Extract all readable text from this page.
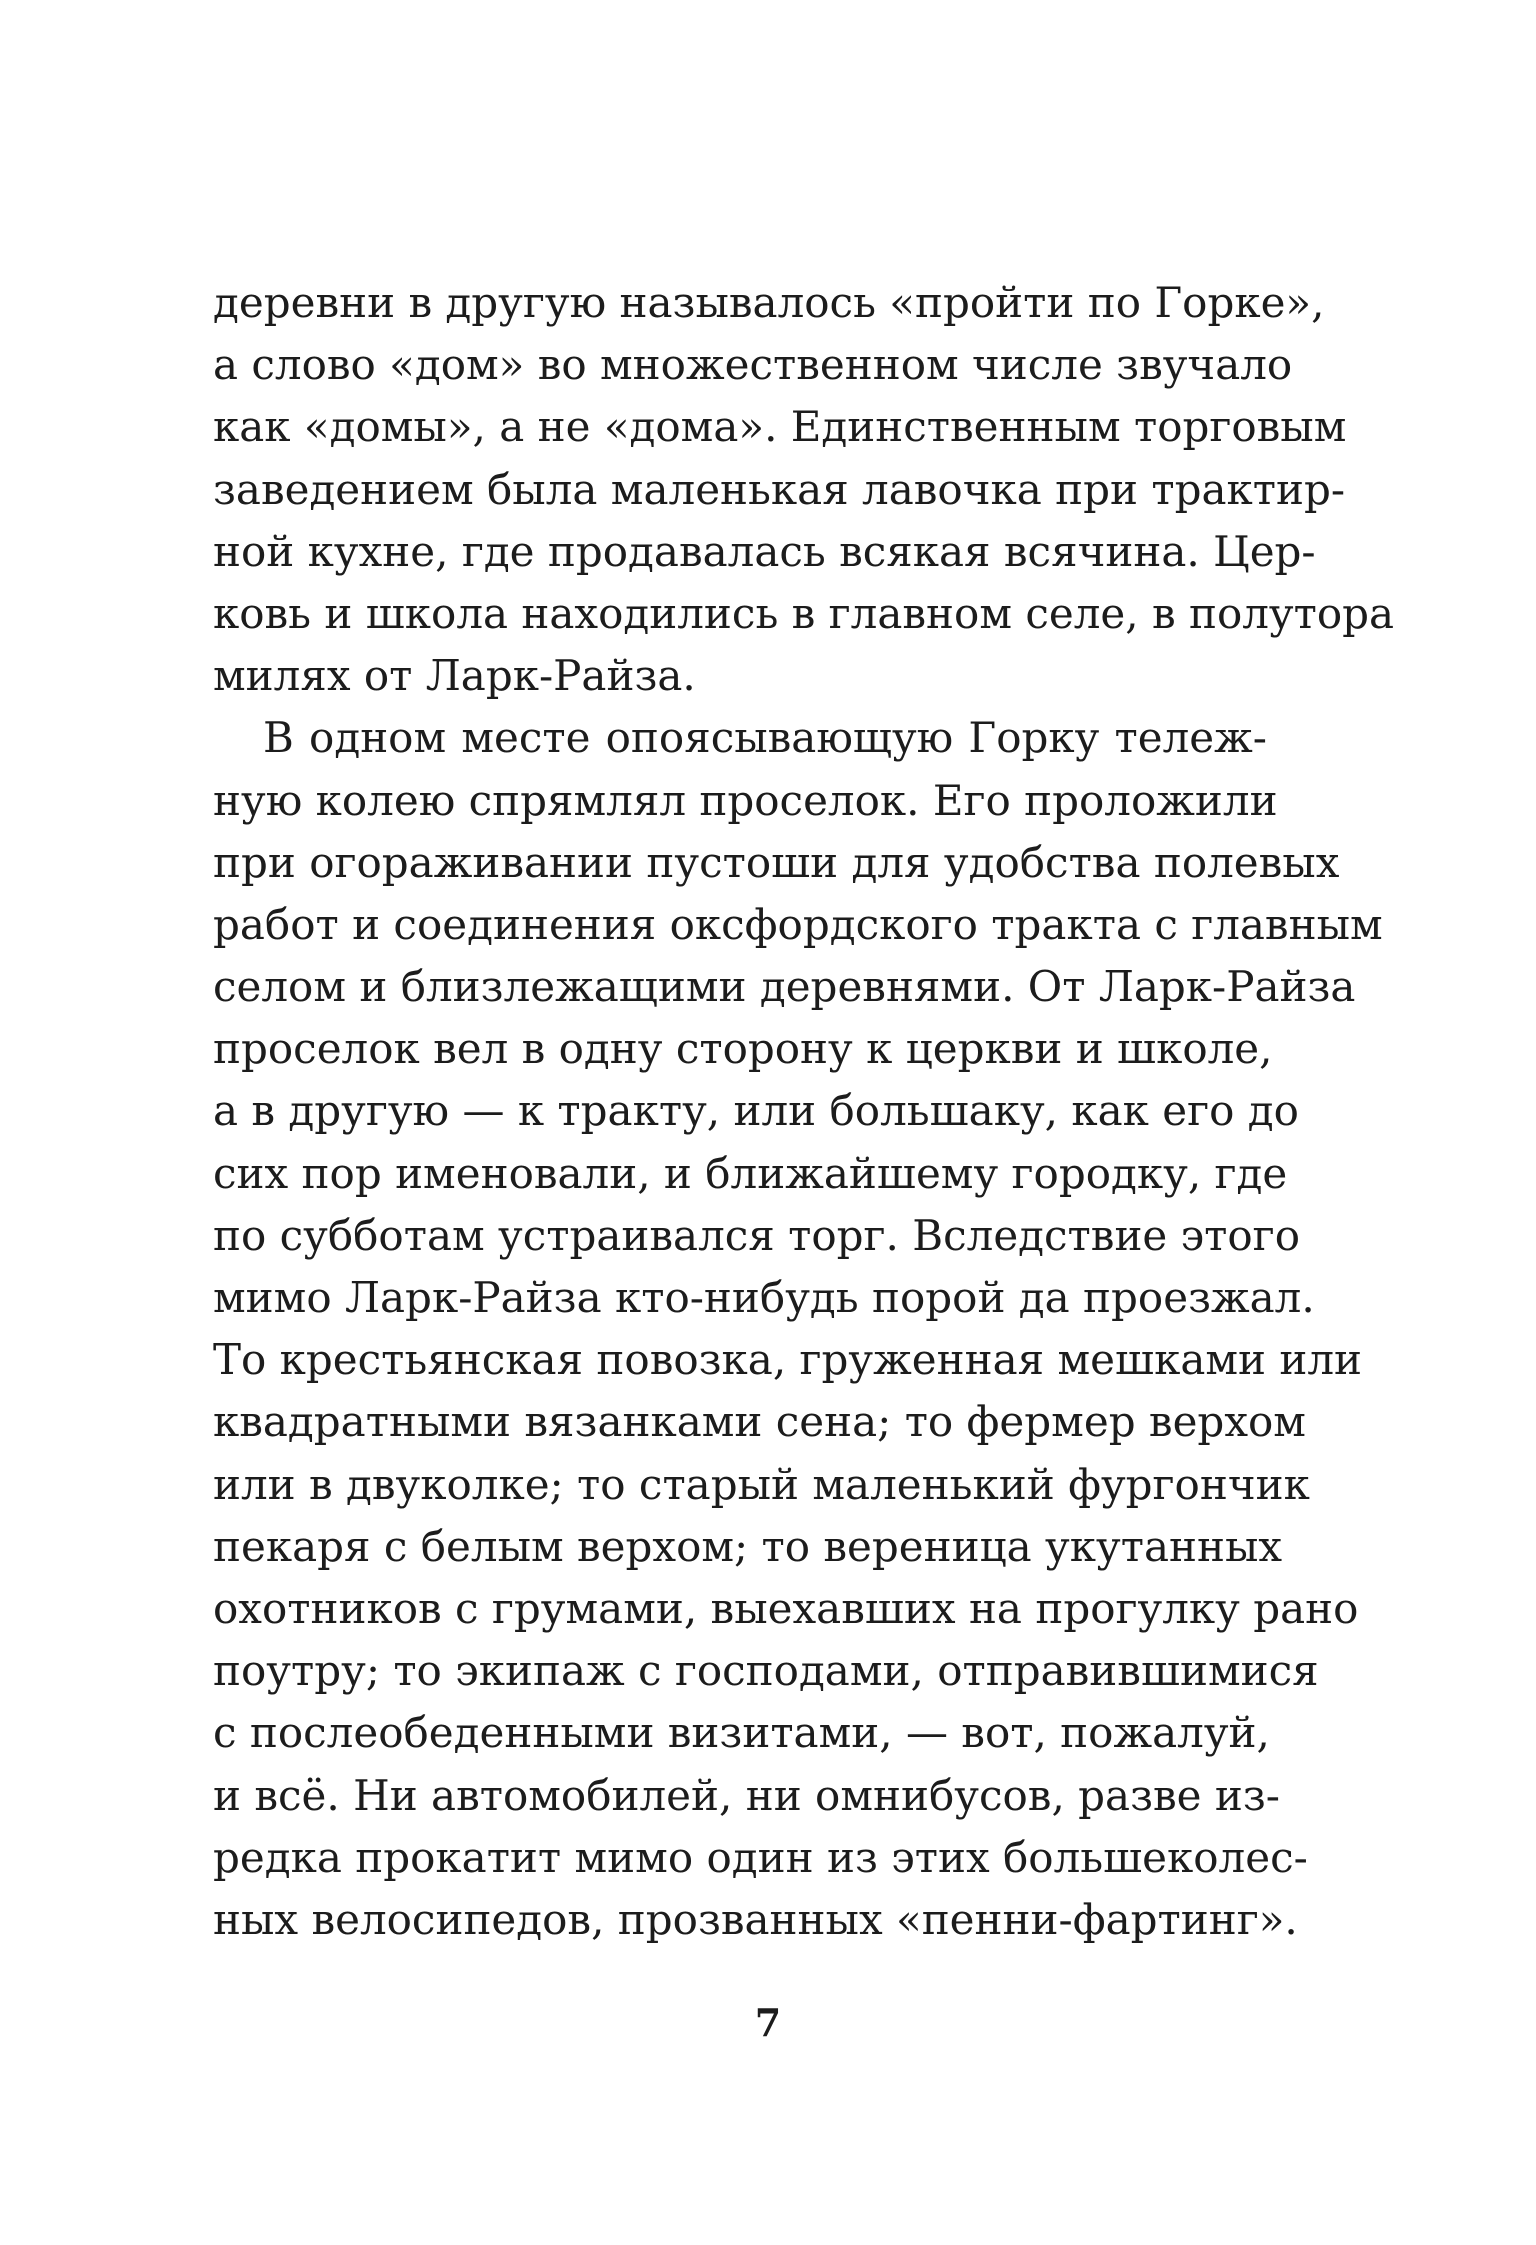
деревни в другую называлось «пройти по Горке»,
а слово «дом» во множественном числе звучало
как «домы», а не «дома». Единственным торговым
заведением была маленькая лавочка при трактир-
ной кухне, где продавалась всякая всячина. Цер-
ковь и школа находились в главном селе, в полутора
милях от Ларк-Райза.
В одном месте опоясывающую Горку тележ-
ную колею спрямлял проселок. Его проложили
при огораживании пустоши для удобства полевых
работ и соединения оксфордского тракта с главным
селом и близлежащими деревнями. От Ларк-Райза
проселок вел в одну сторону к церкви и школе,
а в другую — к тракту, или большаку, как его до
сих пор именовали, и ближайшему городку, где
по субботам устраивался торг. Вследствие этого
мимо Ларк-Райза кто-нибудь порой да проезжал.
То крестьянская повозка, груженная мешками или
квадратными вязанками сена; то фермер верхом
или в двуколке; то старый маленький фургончик
пекаря с белым верхом; то вереница укутанных
охотников с грумами, выехавших на прогулку рано
поутру; то экипаж с господами, отправившимися
с послеобеденными визитами, — вот, пожалуй,
и всё. Ни автомобилей, ни омнибусов, разве из-
редка прокатит мимо один из этих большеколес-
ных велосипедов, прозванных «пенни-фартинг».
7
